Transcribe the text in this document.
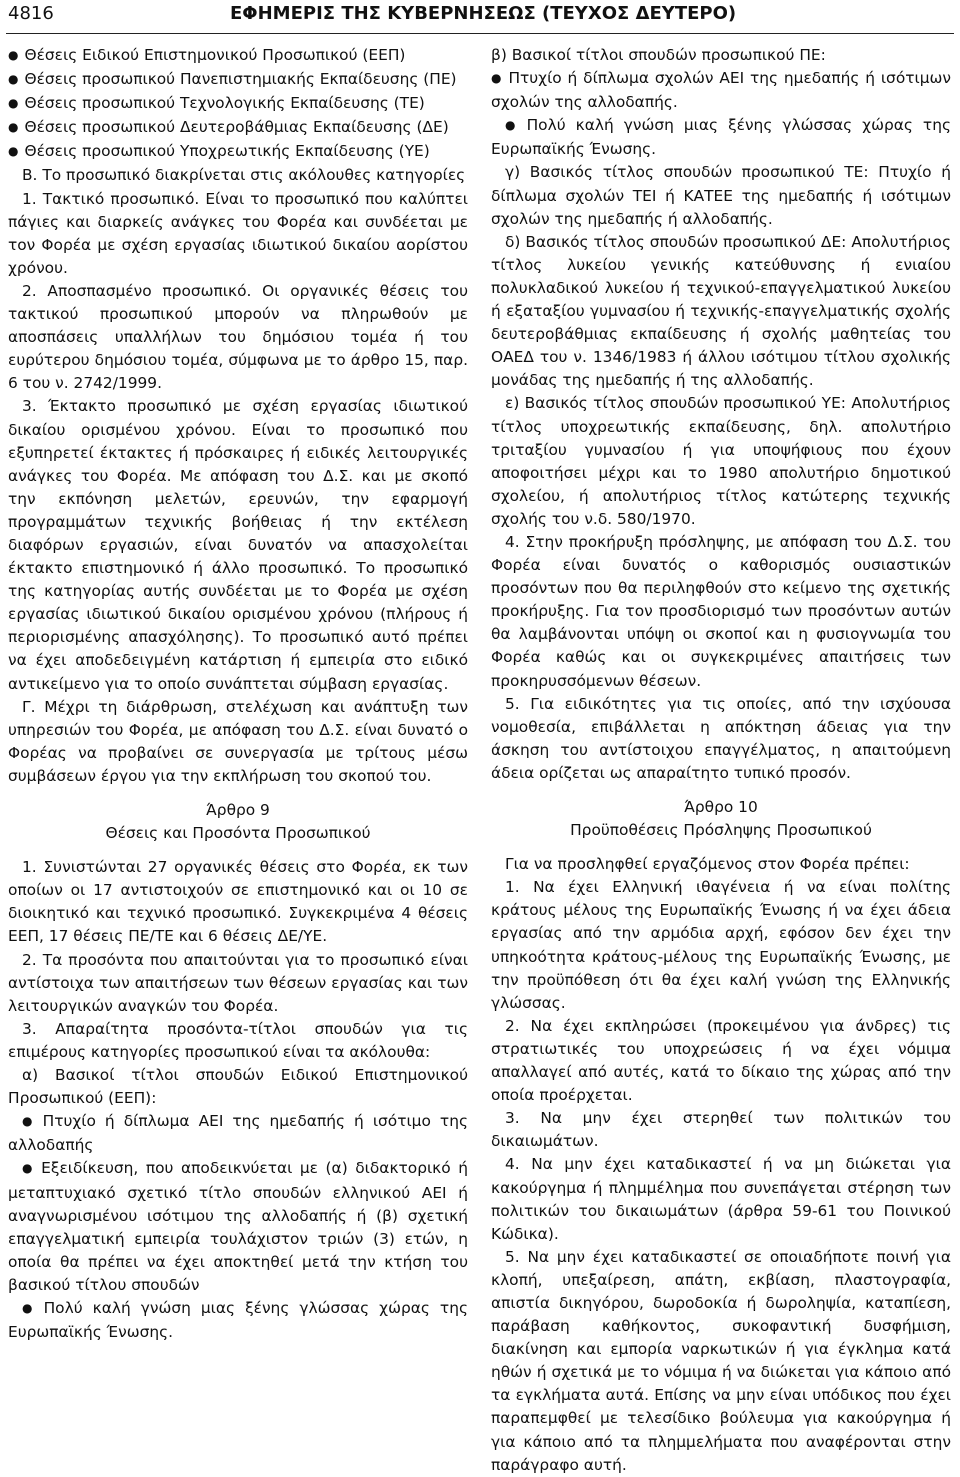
4816	ΕΦΗΜΕΡΙΣ ΤΗΣ ΚΥΒΕΡΝΗΣΕΩΣ (ΤΕΥΧΟΣ ΔΕΥΤΕΡΟ)

● Θέσεις Ειδικού Επιστημονικού Προσωπικού (ΕΕΠ)

● Θέσεις προσωπικού Πανεπιστημιακής Εκπαίδευσης (ΠΕ)

● Θέσεις προσωπικού Τεχνολογικής Εκπαίδευσης (ΤΕ)

● Θέσεις προσωπικού Δευτεροβάθμιας Εκπαίδευσης (ΔΕ)

● Θέσεις προσωπικού Υποχρεωτικής Εκπαίδευσης (ΥΕ)

Β. Το προσωπικό διακρίνεται στις ακόλουθες κατηγορίες

1. Τακτικό προσωπικό. Είναι το προσωπικό που καλύπτει πάγιες και διαρκείς ανάγκες του Φορέα και συνδέεται με τον Φορέα με σχέση εργασίας ιδιωτικού δικαίου αορίστου χρόνου.

2. Αποσπασμένο προσωπικό. Οι οργανικές θέσεις του τακτικού προσωπικού μπορούν να πληρωθούν με αποσπάσεις υπαλλήλων του δημόσιου τομέα ή του ευρύτερου δημόσιου τομέα, σύμφωνα με το άρθρο 15, παρ. 6 του ν. 2742/1999.

3. Έκτακτο προσωπικό με σχέση εργασίας ιδιωτικού δικαίου ορισμένου χρόνου. Είναι το προσωπικό που εξυπηρετεί έκτακτες ή πρόσκαιρες ή ειδικές λειτουργικές ανάγκες του Φορέα. Με απόφαση του Δ.Σ. και με σκοπό την εκπόνηση μελετών, ερευνών, την εφαρμογή προγραμμάτων τεχνικής βοήθειας ή την εκτέλεση διαφόρων εργασιών, είναι δυνατόν να απασχολείται έκτακτο επιστημονικό ή άλλο προσωπικό. Το προσωπικό της κατηγορίας αυτής συνδέεται με το Φορέα με σχέση εργασίας ιδιωτικού δικαίου ορισμένου χρόνου (πλήρους ή περιορισμένης απασχόλησης). Το προσωπικό αυτό πρέπει να έχει αποδεδειγμένη κατάρτιση ή εμπειρία στο ειδικό αντικείμενο για το οποίο συνάπτεται σύμβαση εργασίας.

Γ. Μέχρι τη διάρθρωση, στελέχωση και ανάπτυξη των υπηρεσιών του Φορέα, με απόφαση του Δ.Σ. είναι δυνατό ο Φορέας να προβαίνει σε συνεργασία με τρίτους μέσω συμβάσεων έργου για την εκπλήρωση του σκοπού του.

Άρθρο 9

Θέσεις και Προσόντα Προσωπικού

1. Συνιστώνται 27 οργανικές θέσεις στο Φορέα, εκ των οποίων οι 17 αντιστοιχούν σε επιστημονικό και οι 10 σε διοικητικό και τεχνικό προσωπικό. Συγκεκριμένα 4 θέσεις ΕΕΠ, 17 θέσεις ΠΕ/ΤΕ και 6 θέσεις ΔΕ/ΥΕ.

2. Τα προσόντα που απαιτούνται για το προσωπικό είναι αντίστοιχα των απαιτήσεων των θέσεων εργασίας και των λειτουργικών αναγκών του Φορέα.

3. Απαραίτητα προσόντα-τίτλοι σπουδών για τις επιμέρους κατηγορίες προσωπικού είναι τα ακόλουθα:

α) Βασικοί τίτλοι σπουδών Ειδικού Επιστημονικού Προσωπικού (ΕΕΠ):

● Πτυχίο ή δίπλωμα ΑΕΙ της ημεδαπής ή ισότιμο της αλλοδαπής

● Εξειδίκευση, που αποδεικνύεται με (α) διδακτορικό ή μεταπτυχιακό σχετικό τίτλο σπουδών ελληνικού ΑΕΙ ή αναγνωρισμένου ισότιμου της αλλοδαπής ή (β) σχετική επαγγελματική εμπειρία τουλάχιστον τριών (3) ετών, η οποία θα πρέπει να έχει αποκτηθεί μετά την κτήση του βασικού τίτλου σπουδών

● Πολύ καλή γνώση μιας ξένης γλώσσας χώρας της Ευρωπαϊκής Ένωσης.

β) Βασικοί τίτλοι σπουδών προσωπικού ΠΕ:

● Πτυχίο ή δίπλωμα σχολών ΑΕΙ της ημεδαπής ή ισότιμων σχολών της αλλοδαπής.

● Πολύ καλή γνώση μιας ξένης γλώσσας χώρας της Ευρωπαϊκής Ένωσης.

γ) Βασικός τίτλος σπουδών προσωπικού ΤΕ: Πτυχίο ή δίπλωμα σχολών ΤΕΙ ή ΚΑΤΕΕ της ημεδαπής ή ισότιμων σχολών της ημεδαπής ή αλλοδαπής.

δ) Βασικός τίτλος σπουδών προσωπικού ΔΕ: Απολυτήριος τίτλος λυκείου γενικής κατεύθυνσης ή ενιαίου πολυκλαδικού λυκείου ή τεχνικού-επαγγελματικού λυκείου ή εξαταξίου γυμνασίου ή τεχνικής-επαγγελματικής σχολής δευτεροβάθμιας εκπαίδευσης ή σχολής μαθητείας του ΟΑΕΔ του ν. 1346/1983 ή άλλου ισότιμου τίτλου σχολικής μονάδας της ημεδαπής ή της αλλοδαπής.

ε) Βασικός τίτλος σπουδών προσωπικού ΥΕ: Απολυτήριος τίτλος υποχρεωτικής εκπαίδευσης, δηλ. απολυτήριο τριταξίου γυμνασίου ή για υποψήφιους που έχουν αποφοιτήσει μέχρι και το 1980 απολυτήριο δημοτικού σχολείου, ή απολυτήριος τίτλος κατώτερης τεχνικής σχολής του ν.δ. 580/1970.

4. Στην προκήρυξη πρόσληψης, με απόφαση του Δ.Σ. του Φορέα είναι δυνατός ο καθορισμός ουσιαστικών προσόντων που θα περιληφθούν στο κείμενο της σχετικής προκήρυξης. Για τον προσδιορισμό των προσόντων αυτών θα λαμβάνονται υπόψη οι σκοποί και η φυσιογνωμία του Φορέα καθώς και οι συγκεκριμένες απαιτήσεις των προκηρυσσόμενων θέσεων.

5. Για ειδικότητες για τις οποίες, από την ισχύουσα νομοθεσία, επιβάλλεται η απόκτηση άδειας για την άσκηση του αντίστοιχου επαγγέλματος, η απαιτούμενη άδεια ορίζεται ως απαραίτητο τυπικό προσόν.

Άρθρο 10

Προϋποθέσεις Πρόσληψης Προσωπικού

Για να προσληφθεί εργαζόμενος στον Φορέα πρέπει:

1. Να έχει Ελληνική ιθαγένεια ή να είναι πολίτης κράτους μέλους της Ευρωπαϊκής Ένωσης ή να έχει άδεια εργασίας από την αρμόδια αρχή, εφόσον δεν έχει την υπηκοότητα κράτους-μέλους της Ευρωπαϊκής Ένωσης, με την προϋπόθεση ότι θα έχει καλή γνώση της Ελληνικής γλώσσας.

2. Να έχει εκπληρώσει (προκειμένου για άνδρες) τις στρατιωτικές του υποχρεώσεις ή να έχει νόμιμα απαλλαγεί από αυτές, κατά το δίκαιο της χώρας από την οποία προέρχεται.

3. Να μην έχει στερηθεί των πολιτικών του δικαιωμάτων.

4. Να μην έχει καταδικαστεί ή να μη διώκεται για κακούργημα ή πλημμέλημα που συνεπάγεται στέρηση των πολιτικών του δικαιωμάτων (άρθρα 59-61 του Ποινικού Κώδικα).

5. Να μην έχει καταδικαστεί σε οποιαδήποτε ποινή για κλοπή, υπεξαίρεση, απάτη, εκβίαση, πλαστογραφία, απιστία δικηγόρου, δωροδοκία ή δωροληψία, καταπίεση, παράβαση καθήκοντος, συκοφαντική δυσφήμιση, διακίνηση και εμπορία ναρκωτικών ή για έγκλημα κατά ηθών ή σχετικά με το νόμιμα ή να διώκεται για κάποιο από τα εγκλήματα αυτά. Επίσης να μην είναι υπόδικος που έχει παραπεμφθεί με τελεσίδικο βούλευμα για κακούργημα ή για κάποιο από τα πλημμελήματα που αναφέρονται στην παράγραφο αυτή.
